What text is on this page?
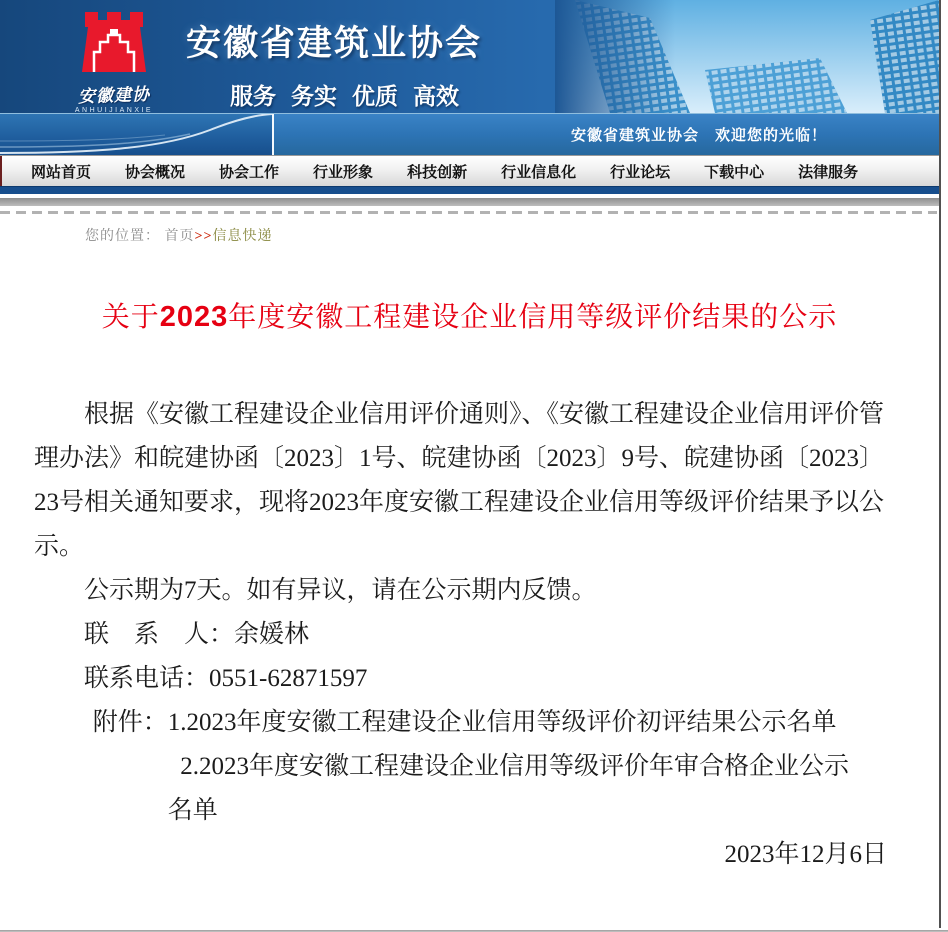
安徽建协
ANHUIJIANXIE
安徽省建筑业协会
服务 务实 优质 高效
安徽省建筑业协会　欢迎您的光临！
网站首页	协会概况	协会工作	行业形象	科技创新	行业信息化	行业论坛	下载中心	法律服务
您的位置： 首页>>信息快递
关于2023年度安徽工程建设企业信用等级评价结果的公示

根据《安徽工程建设企业信用评价通则》、《安徽工程建设企业信用评价管理办法》和皖建协函〔2023〕1号、皖建协函〔2023〕9号、皖建协函〔2023〕23号相关通知要求，现将2023年度安徽工程建设企业信用等级评价结果予以公示。

公示期为7天。如有异议，请在公示期内反馈。

联　系　人：余媛林

联系电话：0551-62871597

附件： 1.2023年度安徽工程建设企业信用等级评价初评结果公示名单

2.2023年度安徽工程建设企业信用等级评价年审合格企业公示名单

2023年12月6日
